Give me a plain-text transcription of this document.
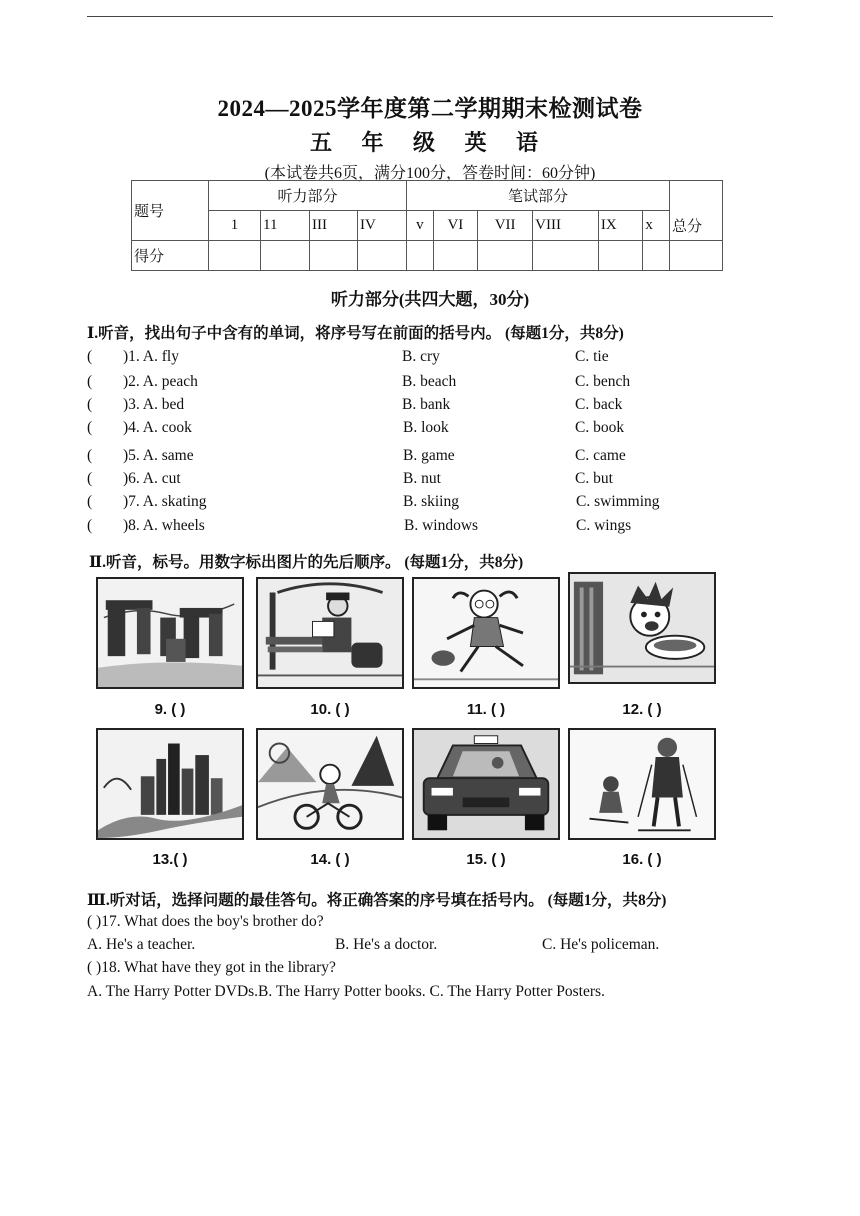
2024—2025学年度第二学期期末检测试卷
五 年 级 英 语
(本试卷共6页，满分100分，答卷时间：60分钟)
题号	听力部分				笔试部分						总分
	1	11	III	IV	v	VI	VII	VIII	IX	x	
得分											
听力部分(共四大题，30分)
Ⅰ.听音，找出句子中含有的单词，将序号写在前面的括号内。 (每题1分，共8分)
( )1. A. fly	B. cry	C. tie
( )2. A. peach	B. beach	C. bench
( )3. A. bed	B. bank	C. back
( )4. A. cook	B. look	C. book
( )5. A. same	B. game	C. came
( )6. A. cut	B. nut	C. but
( )7. A. skating	B. skiing	C. swimming
( )8. A. wheels	B. windows	C. wings
Ⅱ.听音，标号。用数字标出图片的先后顺序。 (每题1分，共8分)
9. ( )	10. ( )	11. ( )	12. ( )
13.( )	14. ( )	15. ( )	16. ( )
Ⅲ.听对话，选择问题的最佳答句。将正确答案的序号填在括号内。 (每题1分，共8分)
( )17. What does the boy's brother do?
A. He's a teacher.	B. He's a doctor.	C. He's policeman.
( )18. What have they got in the library?
A. The Harry Potter DVDs.B. The Harry Potter books. C. The Harry Potter Posters.
